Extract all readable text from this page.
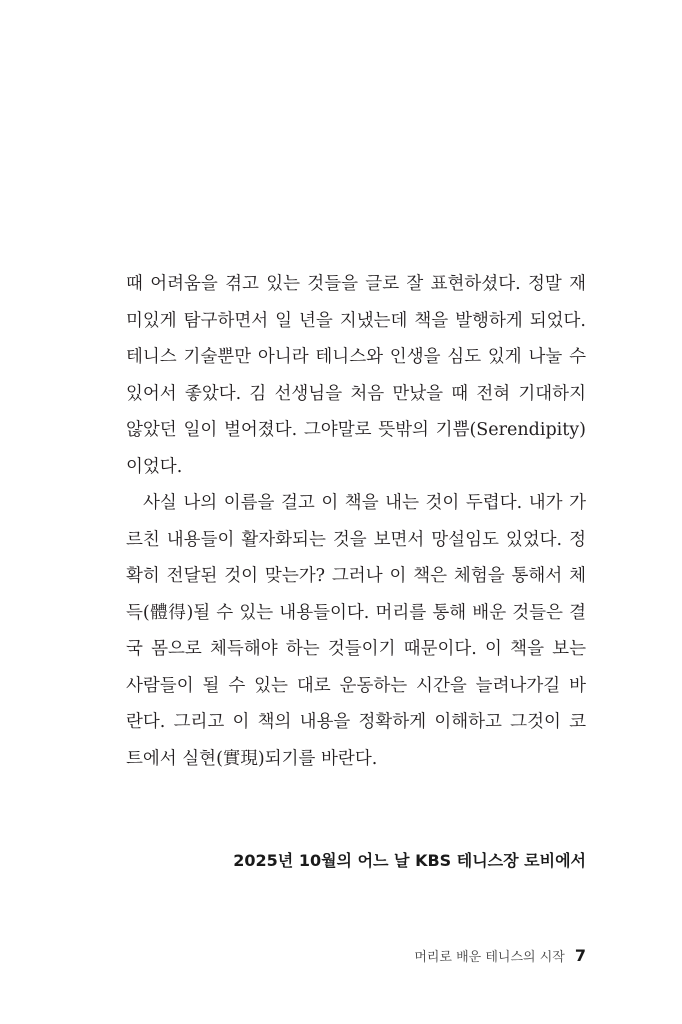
때 어려움을 겪고 있는 것들을 글로 잘 표현하셨다. 정말 재
미있게 탐구하면서 일 년을 지냈는데 책을 발행하게 되었다.
테니스 기술뿐만 아니라 테니스와 인생을 심도 있게 나눌 수
있어서 좋았다. 김 선생님을 처음 만났을 때 전혀 기대하지
않았던 일이 벌어졌다. 그야말로 뜻밖의 기쁨(Serendipity)
이었다.
사실 나의 이름을 걸고 이 책을 내는 것이 두렵다. 내가 가
르친 내용들이 활자화되는 것을 보면서 망설임도 있었다. 정
확히 전달된 것이 맞는가? 그러나 이 책은 체험을 통해서 체
득(體得)될 수 있는 내용들이다. 머리를 통해 배운 것들은 결
국 몸으로 체득해야 하는 것들이기 때문이다. 이 책을 보는
사람들이 될 수 있는 대로 운동하는 시간을 늘려나가길 바
란다. 그리고 이 책의 내용을 정확하게 이해하고 그것이 코
트에서 실현(實現)되기를 바란다.
2025년 10월의 어느 날 KBS 테니스장 로비에서
머리로 배운 테니스의 시작 7
